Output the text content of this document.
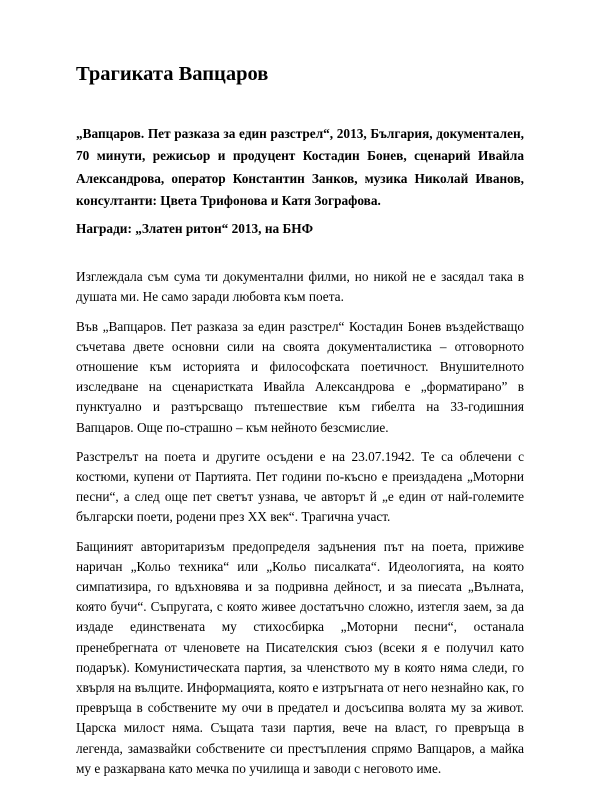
Трагиката Вапцаров

„Вапцаров. Пет разказа за един разстрел“, 2013, България, документален, 70 минути, режисьор и продуцент Костадин Бонев, сценарий Ивайла Александрова, оператор Константин Занков, музика Николай Иванов, консултанти: Цвета Трифонова и Катя Зографова.

Награди: „Златен ритон“ 2013, на БНФ

Изглеждала съм сума ти документални филми, но никой не е засядал така в душата ми. Не само заради любовта към поета.

Във „Вапцаров. Пет разказа за един разстрел“ Костадин Бонев въздействащо съчетава двете основни сили на своята документалистика – отговорното отношение към историята и философската поетичност. Внушителното изследване на сценаристката Ивайла Александрова е „форматирано” в пунктуално и разтърсващо пътешествие към гибелта на 33-годишния Вапцаров. Още по-страшно – към нейното безсмислие.

Разстрелът на поета и другите осъдени е на 23.07.1942. Те са облечени с костюми, купени от Партията. Пет години по-късно е преиздадена „Моторни песни“, а след още пет светът узнава, че авторът й „е един от най-големите български поети, родени през XX век“. Трагична участ.

Бащиният авторитаризъм предопределя задънения път на поета, приживе наричан „Кольо техника“ или „Кольо писалката“. Идеологията, на която симпатизира, го вдъхновява и за подривна дейност, и за пиесата „Вълната, която бучи“. Съпругата, с която живее достатъчно сложно, изтегля заем, за да издаде единствената му стихосбирка „Моторни песни“, останала пренебрегната от членовете на Писателския съюз (всеки я е получил като подарък). Комунистическата партия, за членството му в която няма следи, го хвърля на вълците. Информацията, която е изтръгната от него незнайно как, го превръща в собствените му очи в предател и досъсипва волята му за живот. Царска милост няма. Същата тази партия, вече на власт, го превръща в легенда, замазвайки собствените си престъпления спрямо Вапцаров, а майка му е разкарвана като мечка по училища и заводи с неговото име.
